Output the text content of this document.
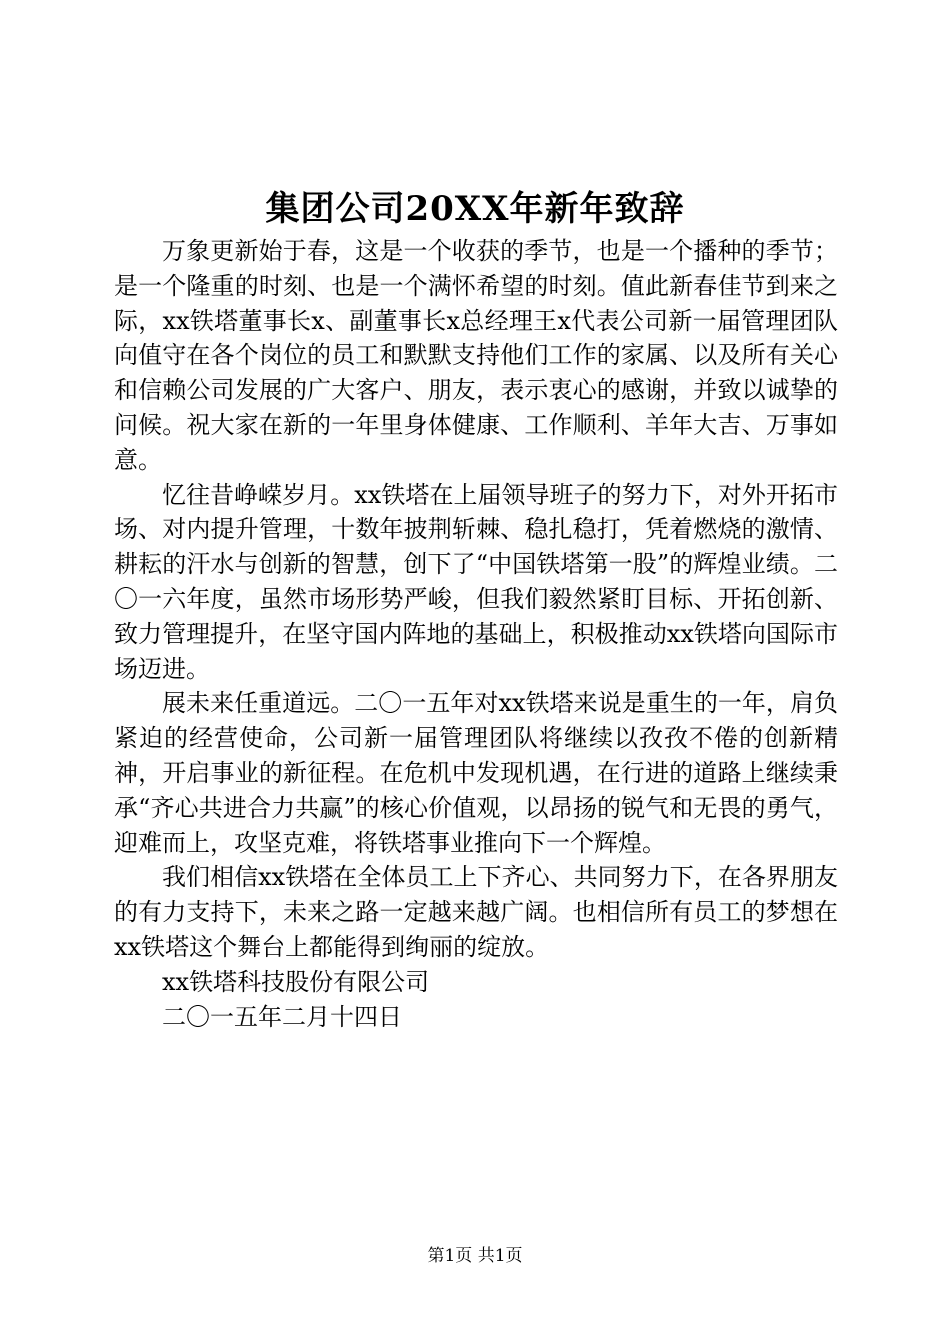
集团公司20XX年新年致辞

万象更新始于春，这是一个收获的季节，也是一个播种的季节；是一个隆重的时刻、也是一个满怀希望的时刻。值此新春佳节到来之际，xx铁塔董事长x、副董事长x总经理王x代表公司新一届管理团队向值守在各个岗位的员工和默默支持他们工作的家属、以及所有关心和信赖公司发展的广大客户、朋友，表示衷心的感谢，并致以诚挚的问候。祝大家在新的一年里身体健康、工作顺利、羊年大吉、万事如意。

忆往昔峥嵘岁月。xx铁塔在上届领导班子的努力下，对外开拓市场、对内提升管理，十数年披荆斩棘、稳扎稳打，凭着燃烧的激情、耕耘的汗水与创新的智慧，创下了“中国铁塔第一股”的辉煌业绩。二〇一六年度，虽然市场形势严峻，但我们毅然紧盯目标、开拓创新、致力管理提升，在坚守国内阵地的基础上，积极推动xx铁塔向国际市场迈进。

展未来任重道远。二〇一五年对xx铁塔来说是重生的一年，肩负紧迫的经营使命，公司新一届管理团队将继续以孜孜不倦的创新精神，开启事业的新征程。在危机中发现机遇，在行进的道路上继续秉承“齐心共进合力共赢”的核心价值观，以昂扬的锐气和无畏的勇气，迎难而上，攻坚克难，将铁塔事业推向下一个辉煌。

我们相信xx铁塔在全体员工上下齐心、共同努力下，在各界朋友的有力支持下，未来之路一定越来越广阔。也相信所有员工的梦想在xx铁塔这个舞台上都能得到绚丽的绽放。

xx铁塔科技股份有限公司
二〇一五年二月十四日
第1页 共1页
